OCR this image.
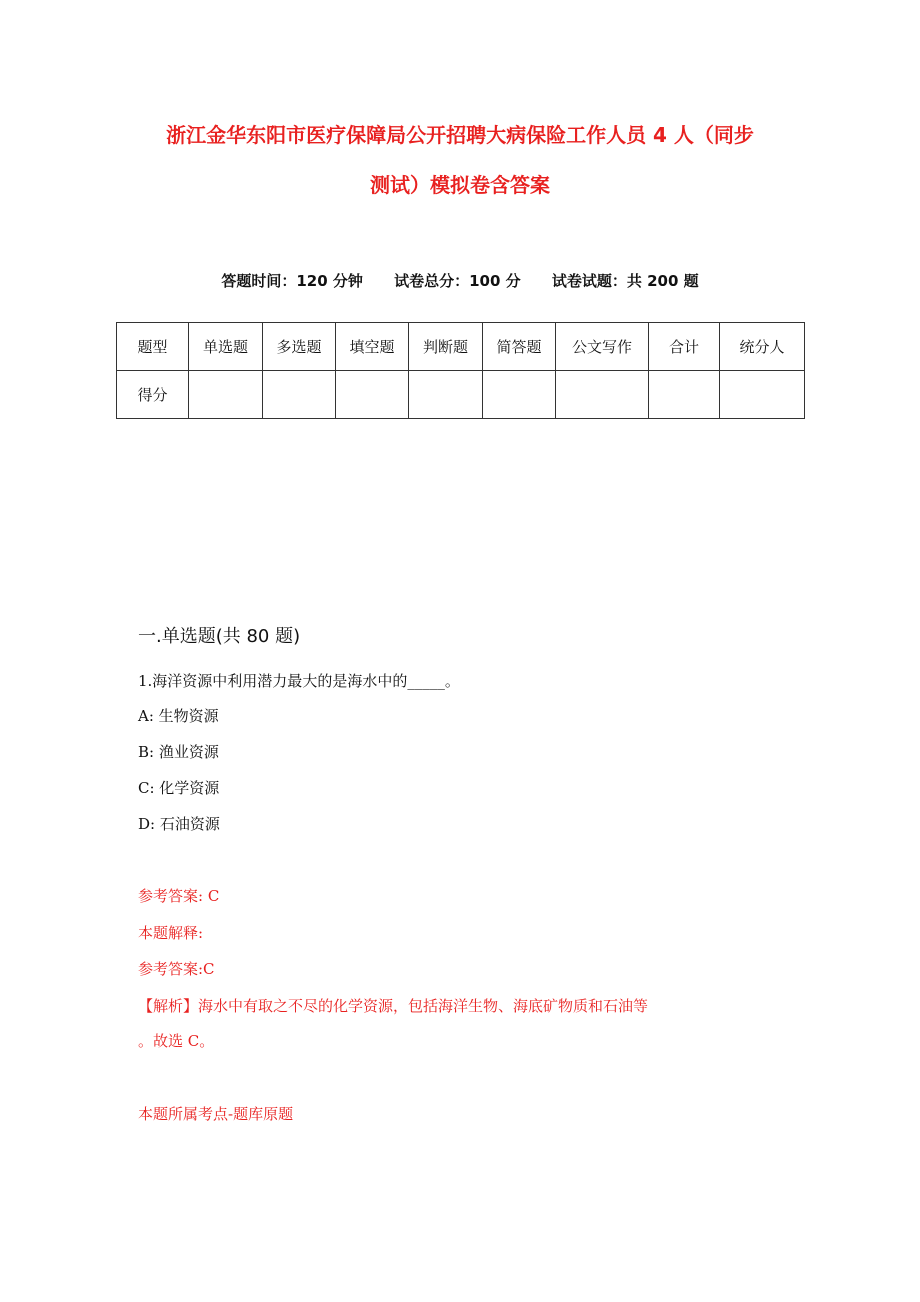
浙江金华东阳市医疗保障局公开招聘大病保险工作人员 4 人（同步
测试）模拟卷含答案
答题时间：120 分钟 试卷总分：100 分 试卷试题：共 200 题
题型	单选题	多选题	填空题	判断题	简答题	公文写作	合计	统分人
得分								
一.单选题(共 80 题)
1.海洋资源中利用潜力最大的是海水中的_____。
A: 生物资源
B: 渔业资源
C: 化学资源
D: 石油资源
参考答案: C
本题解释:
参考答案:C
【解析】海水中有取之不尽的化学资源，包括海洋生物、海底矿物质和石油等
。故选 C。
本题所属考点-题库原题
